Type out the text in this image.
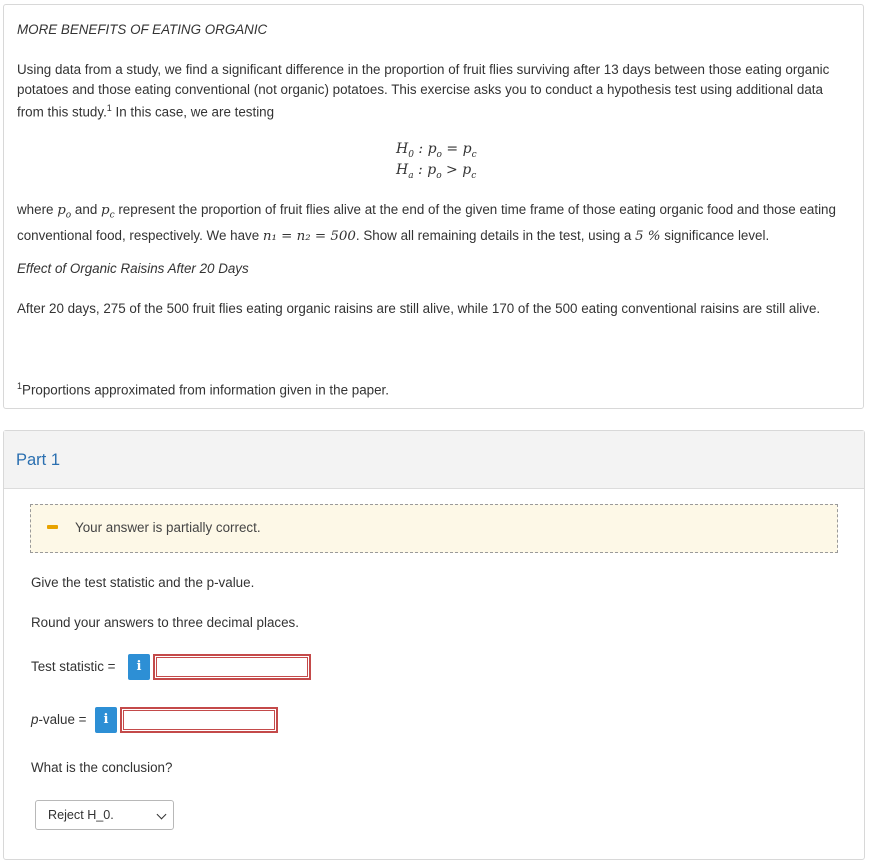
MORE BENEFITS OF EATING ORGANIC
Using data from a study, we find a significant difference in the proportion of fruit flies surviving after 13 days between those eating organic potatoes and those eating conventional (not organic) potatoes. This exercise asks you to conduct a hypothesis test using additional data from this study.$^1$ In this case, we are testing
$H_0$ : $p_o = p_c$
$H_a$ : $p_o > p_c$
where $p_o$ and $p_c$ represent the proportion of fruit flies alive at the end of the given time frame of those eating organic food and those eating conventional food, respectively. We have n₁ = n₂ = 500. Show all remaining details in the test, using a 5 % significance level.
Effect of Organic Raisins After 20 Days
After 20 days, 275 of the 500 fruit flies eating organic raisins are still alive, while 170 of the 500 eating conventional raisins are still alive.
$^1$Proportions approximated from information given in the paper.
Part 1
Your answer is partially correct.
Give the test statistic and the p-value.
Round your answers to three decimal places.
Test statistic =	i
p-value =	i
What is the conclusion?
Reject H_0.
